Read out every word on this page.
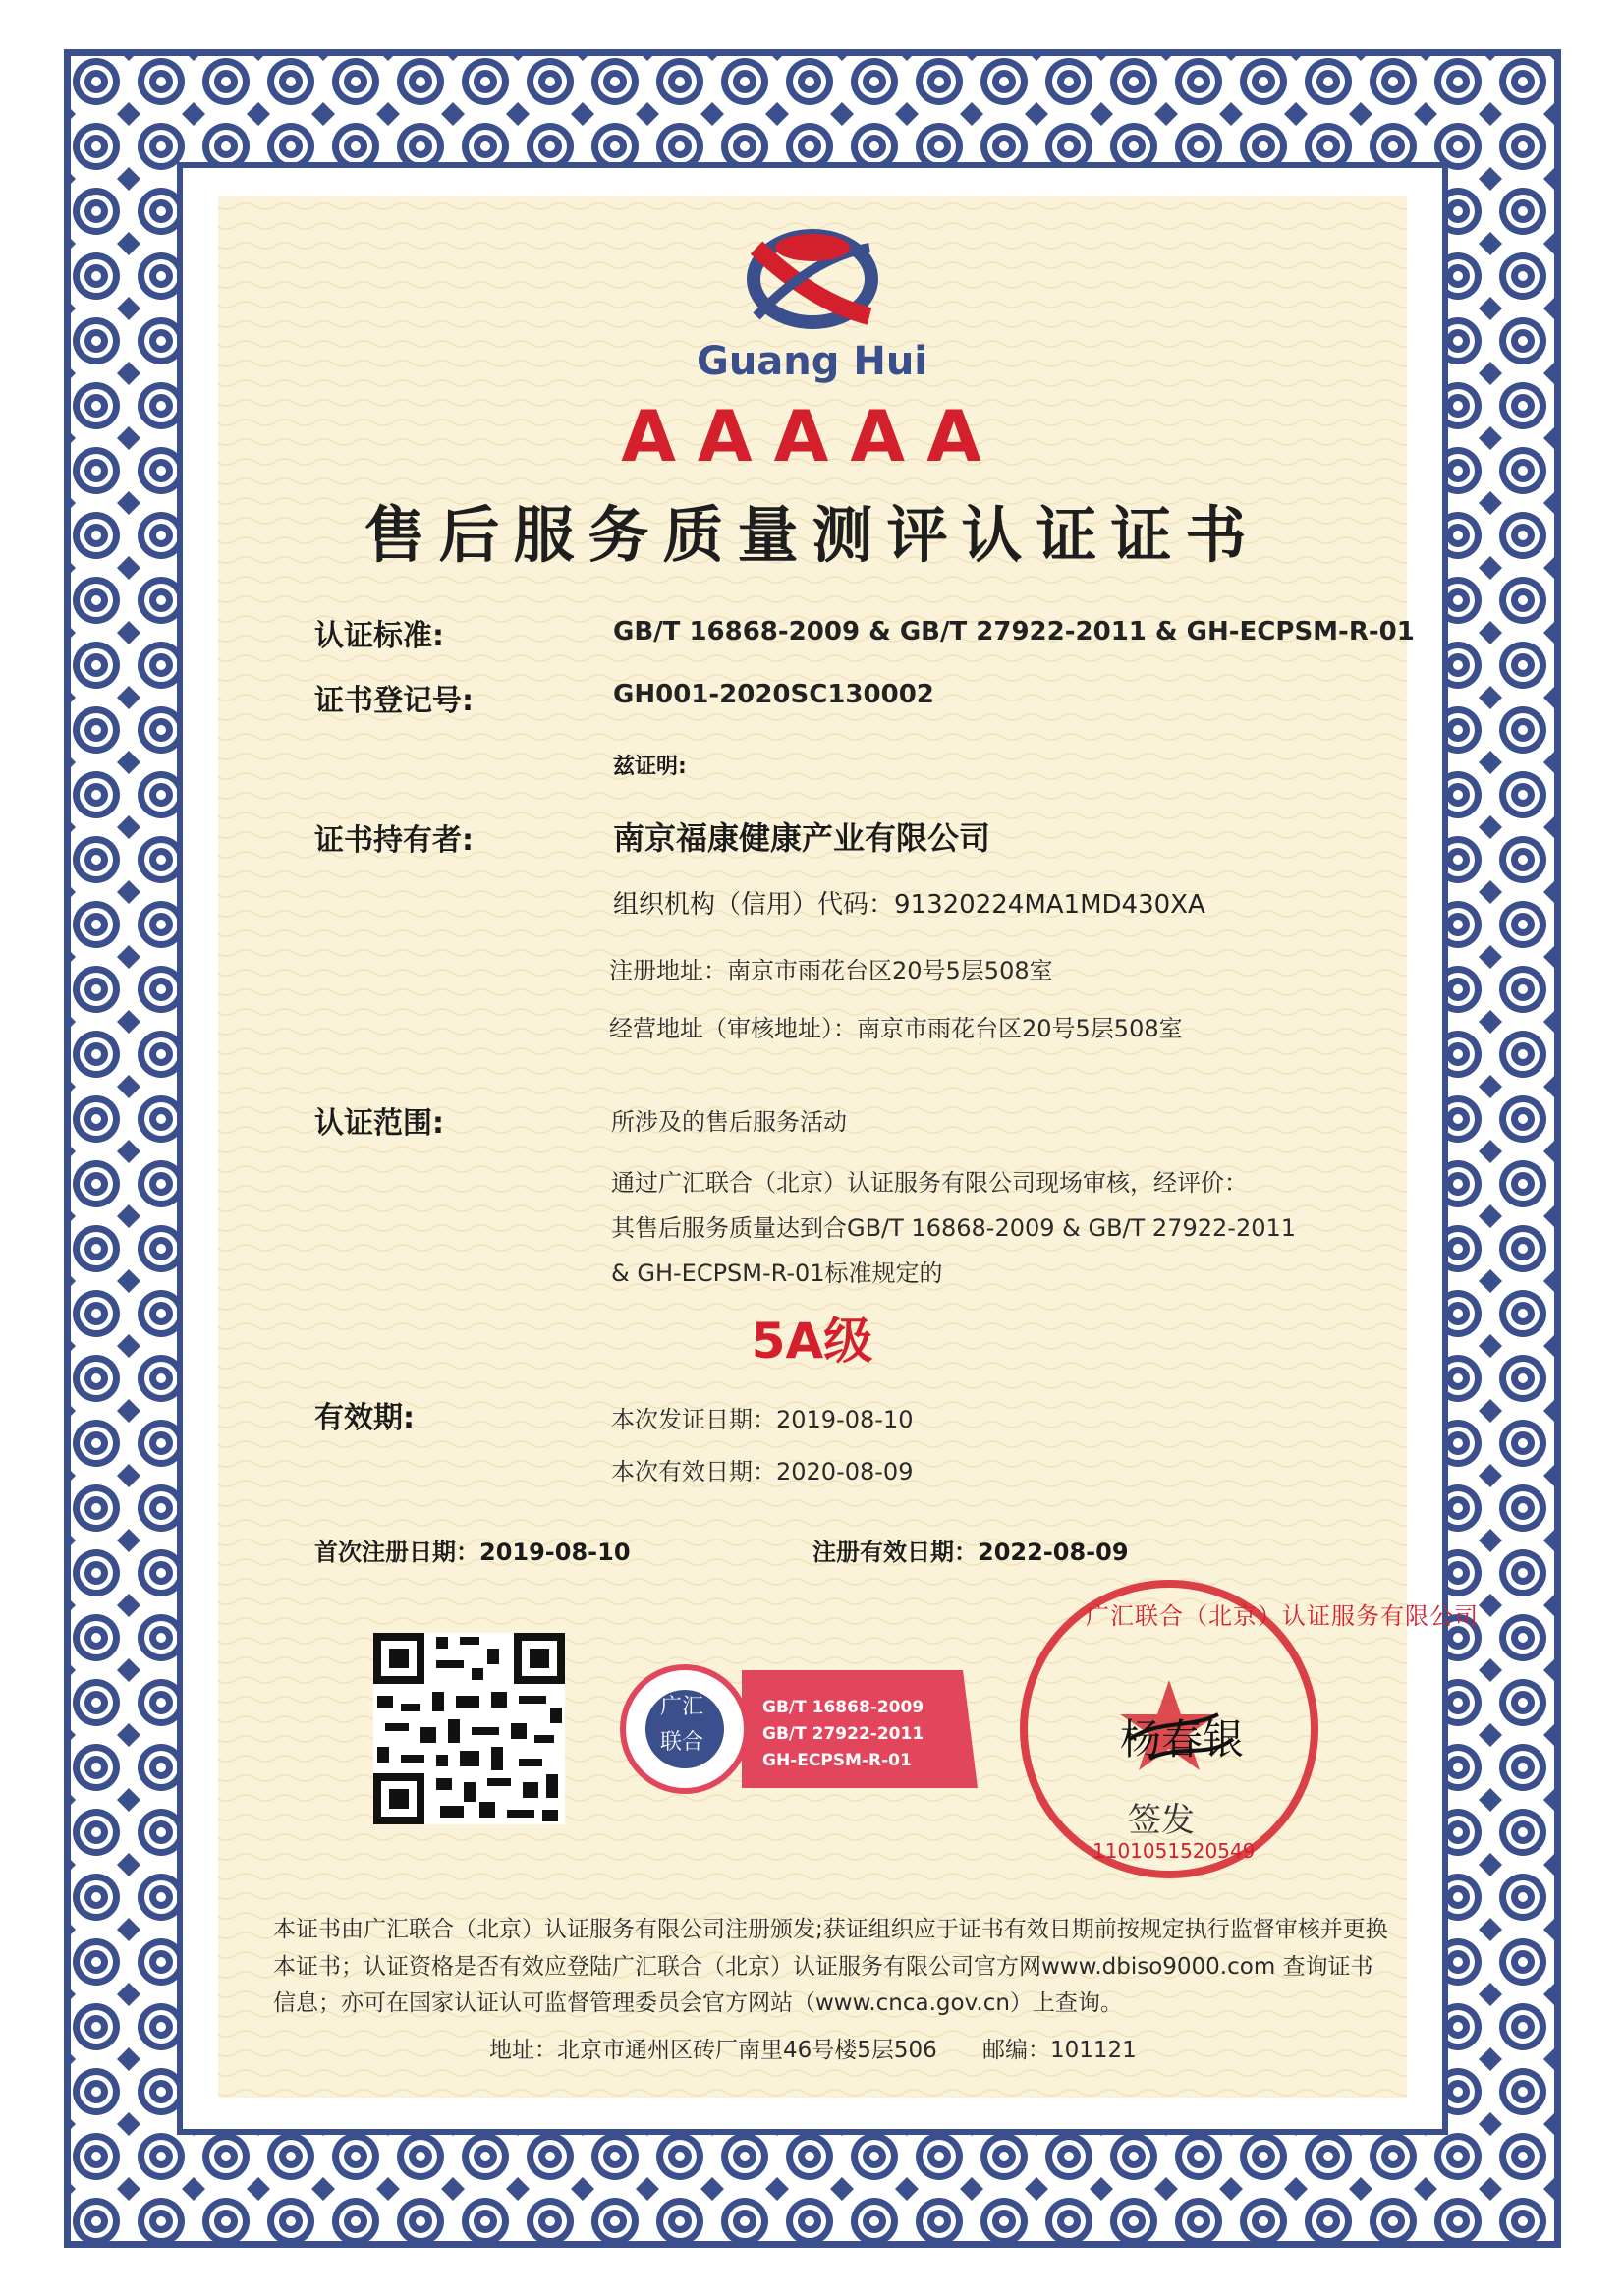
Guang Hui
AAAAA
售后服务质量测评认证证书
认证标准:	GB/T 16868-2009 & GB/T 27922-2011 & GH-ECPSM-R-01
证书登记号:	GH001-2020SC130002
兹证明:
证书持有者:	南京福康健康产业有限公司
组织机构（信用）代码：91320224MA1MD430XA
注册地址：南京市雨花台区20号5层508室
经营地址（审核地址）：南京市雨花台区20号5层508室
认证范围:	所涉及的售后服务活动
通过广汇联合（北京）认证服务有限公司现场审核，经评价：
其售后服务质量达到合GB/T 16868-2009 & GB/T 27922-2011
& GH-ECPSM-R-01标准规定的
5A级
有效期:	本次发证日期：2019-08-10
本次有效日期：2020-08-09
首次注册日期：2019-08-10	注册有效日期：2022-08-09
广汇
联合
GB/T 16868-2009
GB/T 27922-2011
GH-ECPSM-R-01	杨春银
签发
广汇联合（北京）认证服务有限公司
1101051520549
本证书由广汇联合（北京）认证服务有限公司注册颁发;获证组织应于证书有效日期前按规定执行监督审核并更换
本证书；认证资格是否有效应登陆广汇联合（北京）认证服务有限公司官方网www.dbiso9000.com 查询证书
信息；亦可在国家认证认可监督管理委员会官方网站（www.cnca.gov.cn）上查询。
地址：北京市通州区砖厂南里46号楼5层506 邮编：101121
